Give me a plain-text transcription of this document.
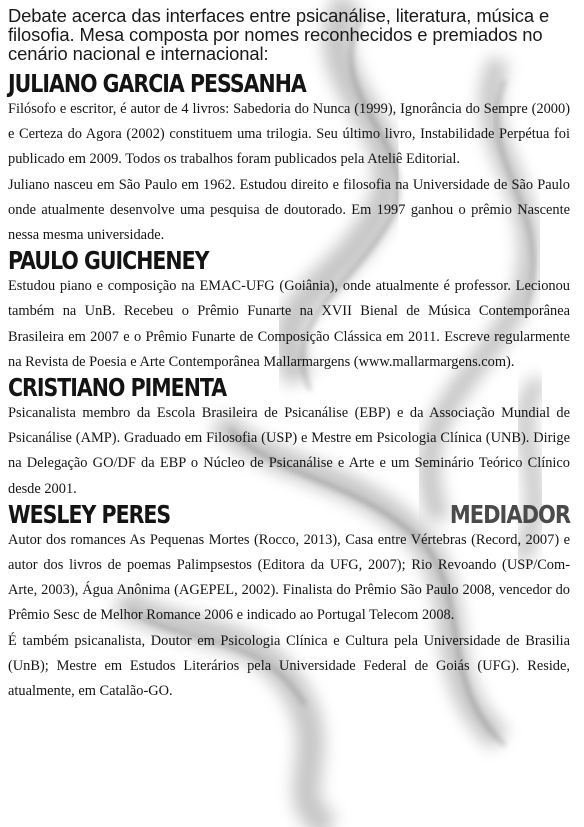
Debate acerca das interfaces entre psicanálise, literatura, música e filosofia. Mesa composta por nomes reconhecidos e premiados no cenário nacional e internacional:

JULIANO GARCIA PESSANHA

Filósofo e escritor, é autor de 4 livros: Sabedoria do Nunca (1999), Ignorância do Sempre (2000) e Certeza do Agora (2002) constituem uma trilogia. Seu último livro, Instabilidade Perpétua foi publicado em 2009. Todos os trabalhos foram publicados pela Ateliê Editorial.

Juliano nasceu em São Paulo em 1962. Estudou direito e filosofia na Universidade de São Paulo onde atualmente desenvolve uma pesquisa de doutorado. Em 1997 ganhou o prêmio Nascente nessa mesma universidade.

PAULO GUICHENEY

Estudou piano e composição na EMAC-UFG (Goiânia), onde atualmente é professor. Lecionou também na UnB. Recebeu o Prêmio Funarte na XVII Bienal de Música Contemporânea Brasileira em 2007 e o Prêmio Funarte de Composição Clássica em 2011. Escreve regularmente na Revista de Poesia e Arte Contemporânea Mallarmargens (www.mallarmargens.com).

CRISTIANO PIMENTA

Psicanalista membro da Escola Brasileira de Psicanálise (EBP) e da Associação Mundial de Psicanálise (AMP). Graduado em Filosofia (USP) e Mestre em Psicologia Clínica (UNB). Dirige na Delegação GO/DF da EBP o Núcleo de Psicanálise e Arte e um Seminário Teórico Clínico desde 2001.

WESLEY PERES	MEDIADOR

Autor dos romances As Pequenas Mortes (Rocco, 2013), Casa entre Vértebras (Record, 2007) e autor dos livros de poemas Palimpsestos (Editora da UFG, 2007); Rio Revoando (USP/Com-Arte, 2003), Água Anônima (AGEPEL, 2002). Finalista do Prêmio São Paulo 2008, vencedor do Prêmio Sesc de Melhor Romance 2006 e indicado ao Portugal Telecom 2008.

É também psicanalista, Doutor em Psicologia Clínica e Cultura pela Universidade de Brasilia (UnB); Mestre em Estudos Literários pela Universidade Federal de Goiás (UFG). Reside, atualmente, em Catalão-GO.
